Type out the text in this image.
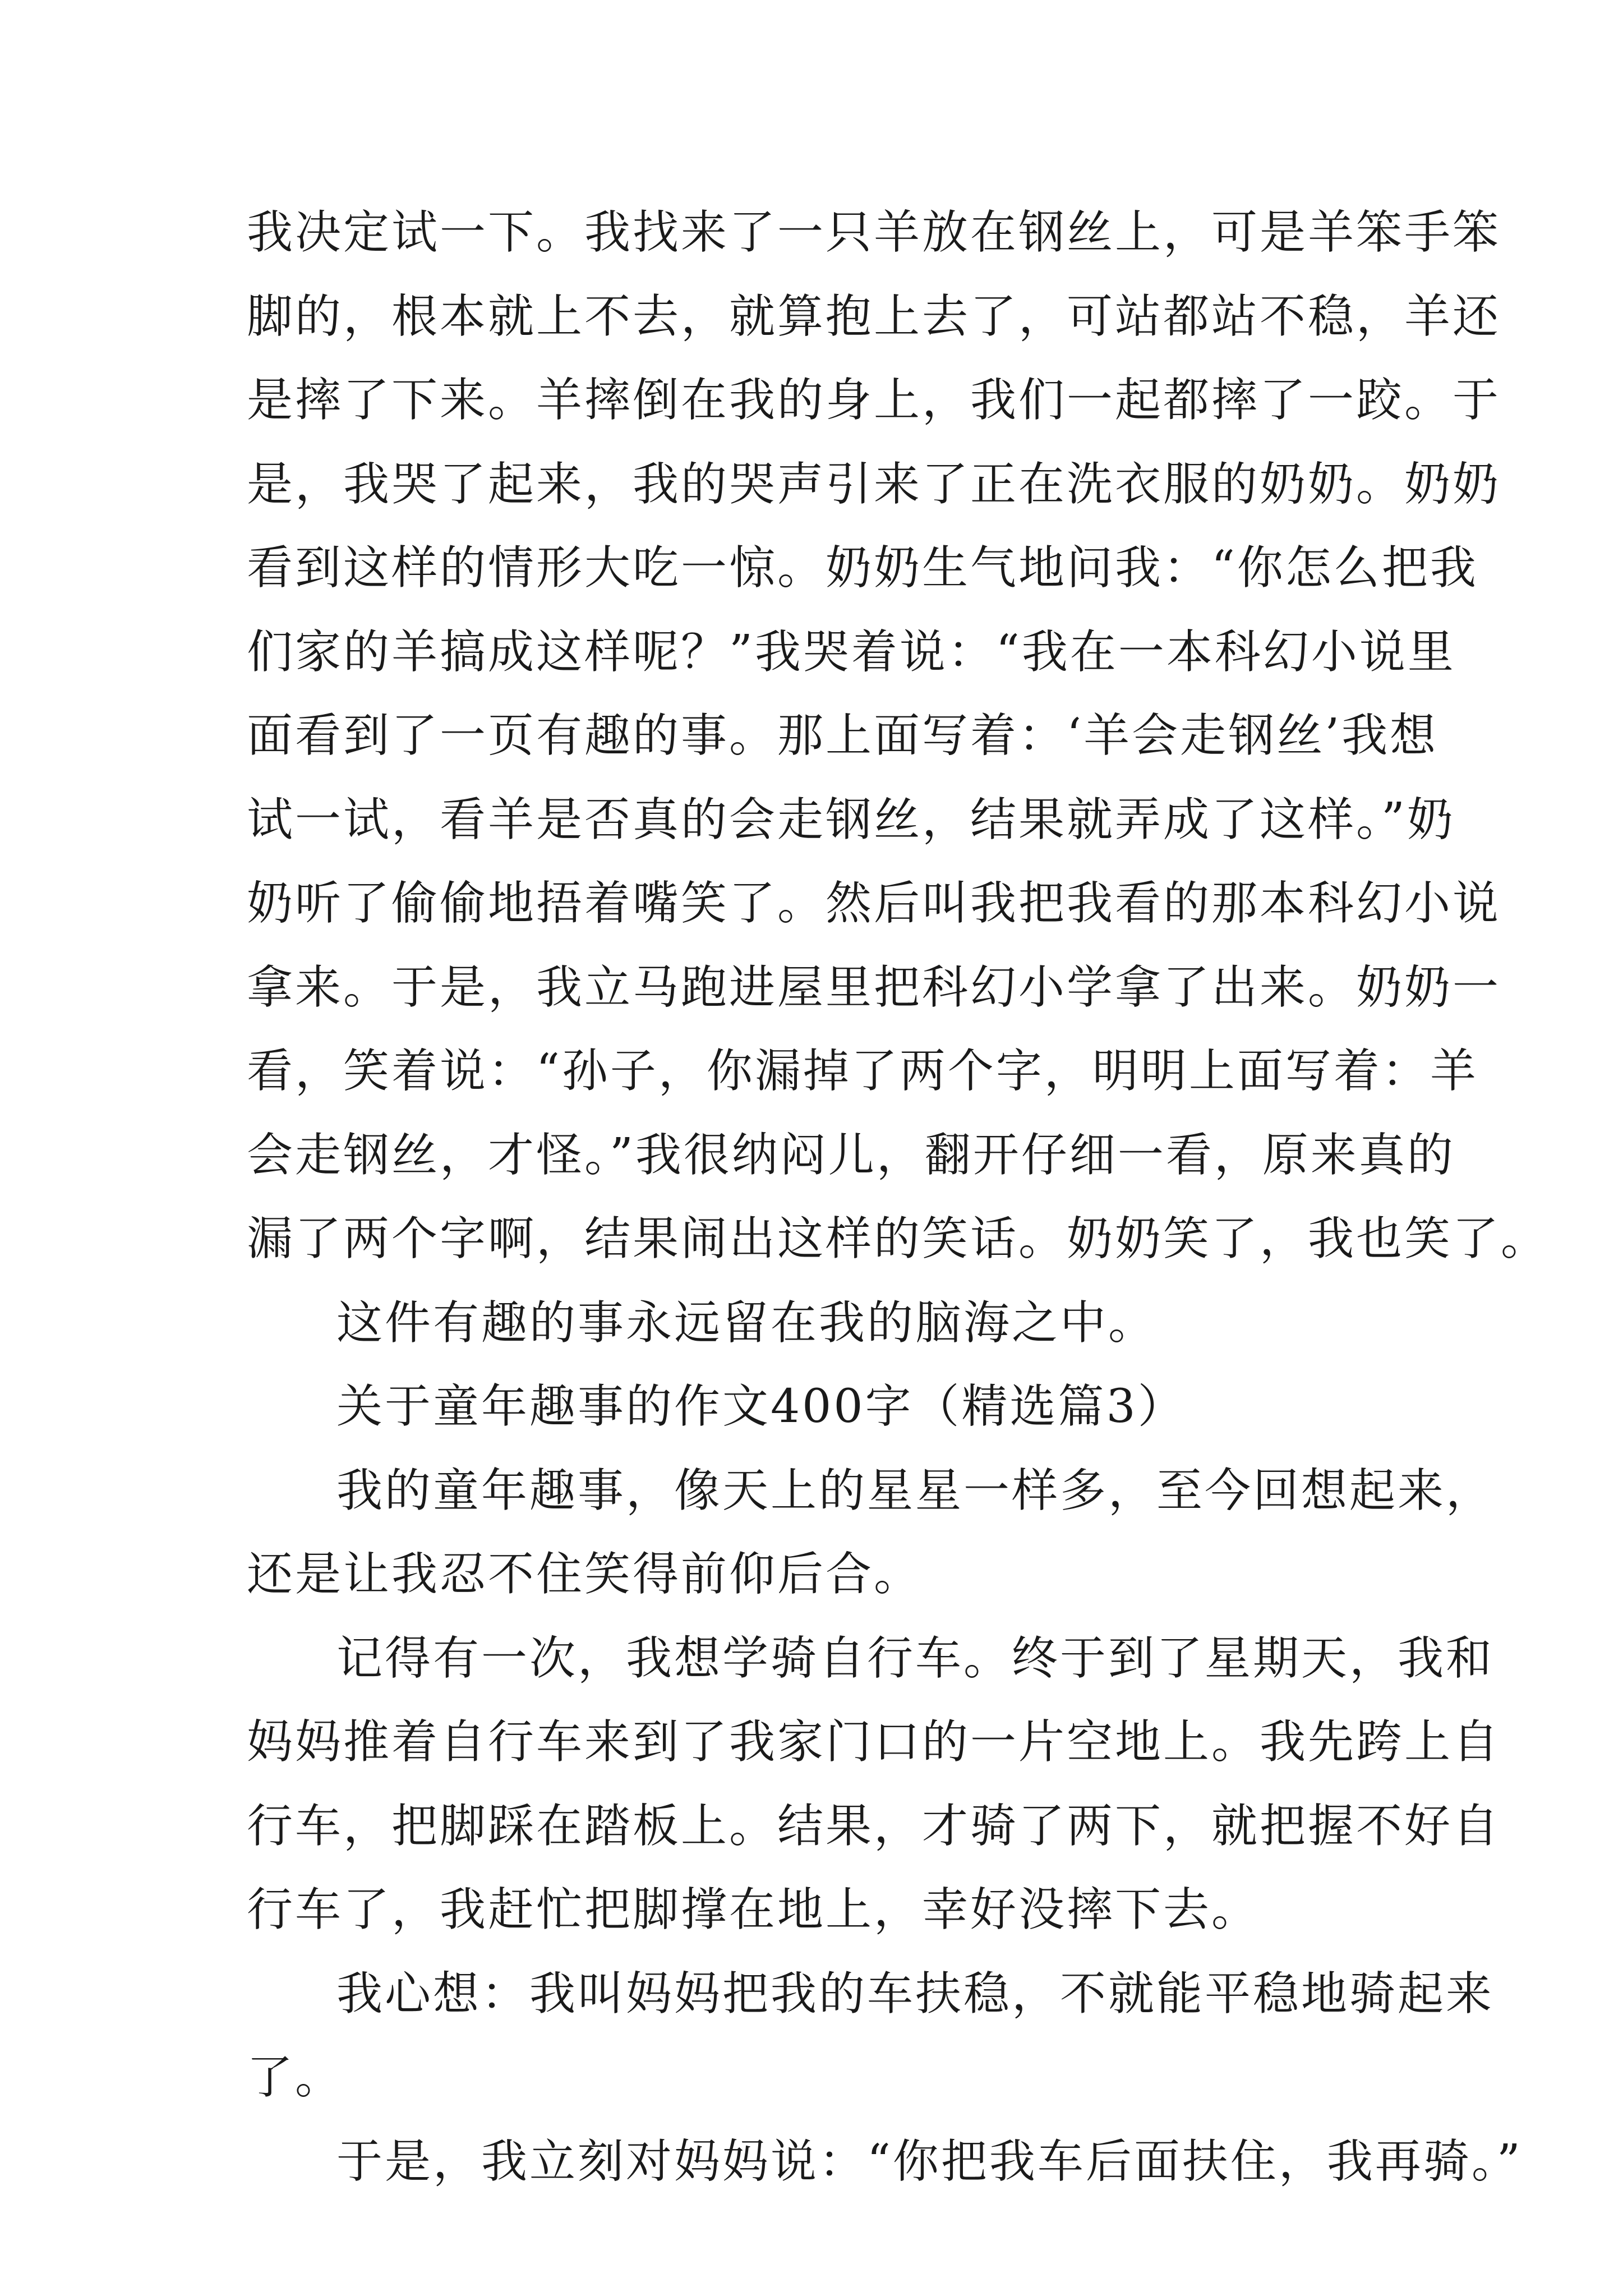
我决定试一下。我找来了一只羊放在钢丝上，可是羊笨手笨
脚的，根本就上不去，就算抱上去了，可站都站不稳，羊还
是摔了下来。羊摔倒在我的身上，我们一起都摔了一跤。于
是，我哭了起来，我的哭声引来了正在洗衣服的奶奶。奶奶
看到这样的情形大吃一惊。奶奶生气地问我：“你怎么把我
们家的羊搞成这样呢？”我哭着说：“我在一本科幻小说里
面看到了一页有趣的事。那上面写着：‘羊会走钢丝’我想
试一试，看羊是否真的会走钢丝，结果就弄成了这样。”奶
奶听了偷偷地捂着嘴笑了。然后叫我把我看的那本科幻小说
拿来。于是，我立马跑进屋里把科幻小学拿了出来。奶奶一
看，笑着说：“孙子，你漏掉了两个字，明明上面写着：羊
会走钢丝，才怪。”我很纳闷儿，翻开仔细一看，原来真的
漏了两个字啊，结果闹出这样的笑话。奶奶笑了，我也笑了。
这件有趣的事永远留在我的脑海之中。
关于童年趣事的作文400字（精选篇3）
我的童年趣事，像天上的星星一样多，至今回想起来，
还是让我忍不住笑得前仰后合。
记得有一次，我想学骑自行车。终于到了星期天，我和
妈妈推着自行车来到了我家门口的一片空地上。我先跨上自
行车，把脚踩在踏板上。结果，才骑了两下，就把握不好自
行车了，我赶忙把脚撑在地上，幸好没摔下去。
我心想：我叫妈妈把我的车扶稳，不就能平稳地骑起来
了。
于是，我立刻对妈妈说：“你把我车后面扶住，我再骑。”
